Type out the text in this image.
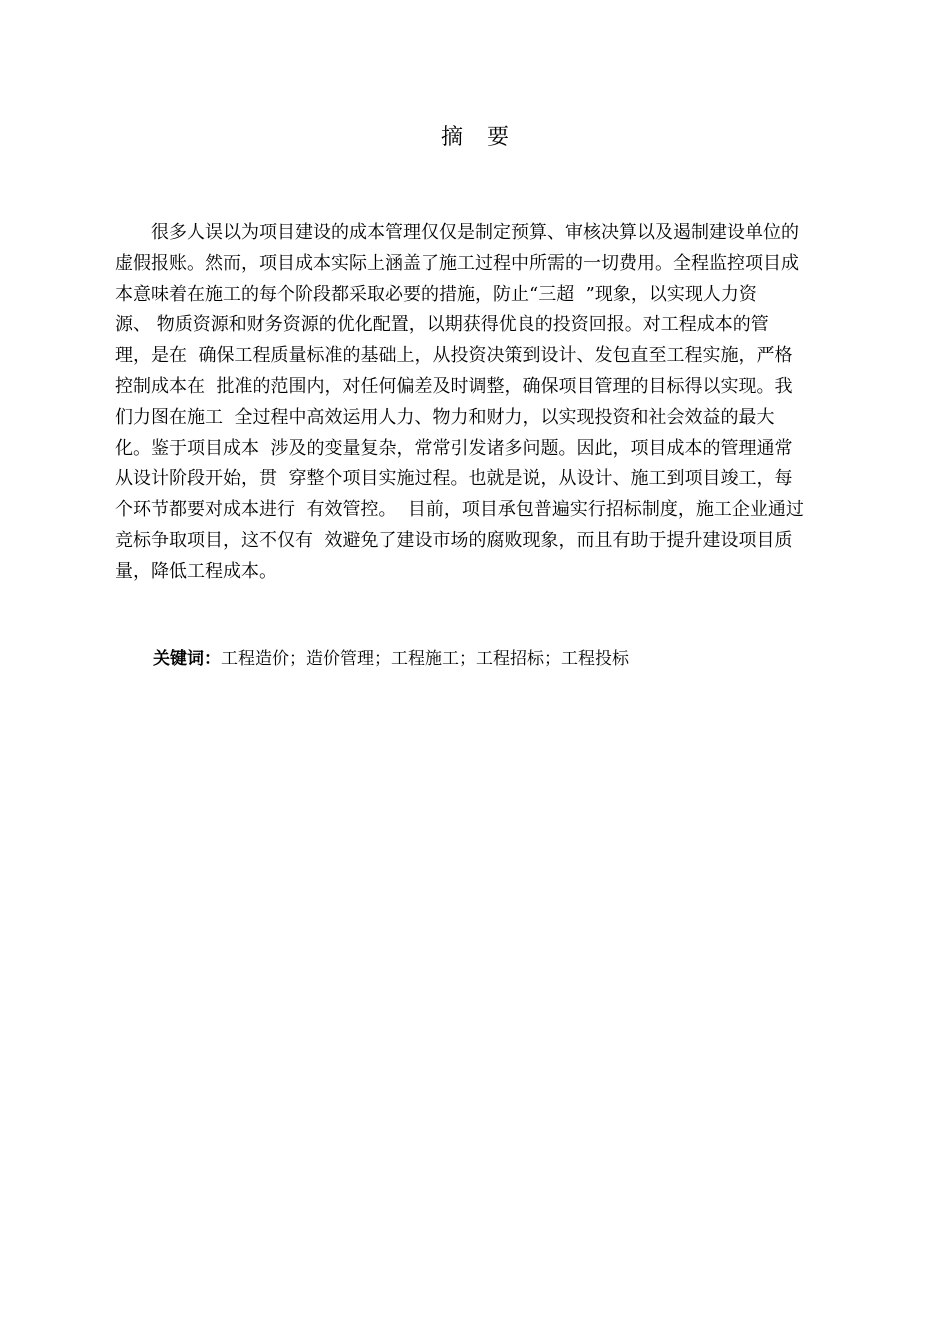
摘 要
很多人误以为项目建设的成本管理仅仅是制定预算、审核决算以及遏制建设单位的
虚假报账。然而，项目成本实际上涵盖了施工过程中所需的一切费用。全程监控项目成
本意味着在施工的每个阶段都采取必要的措施，防止“三超  ”现象，以实现人力资
源、 物质资源和财务资源的优化配置，以期获得优良的投资回报。对工程成本的管
理，是在  确保工程质量标准的基础上，从投资决策到设计、发包直至工程实施，严格
控制成本在  批准的范围内，对任何偏差及时调整，确保项目管理的目标得以实现。我
们力图在施工  全过程中高效运用人力、物力和财力，以实现投资和社会效益的最大
化。鉴于项目成本  涉及的变量复杂，常常引发诸多问题。因此，项目成本的管理通常
从设计阶段开始，贯  穿整个项目实施过程。也就是说，从设计、施工到项目竣工，每
个环节都要对成本进行  有效管控。  目前，项目承包普遍实行招标制度，施工企业通过
竞标争取项目，这不仅有  效避免了建设市场的腐败现象，而且有助于提升建设项目质
量，降低工程成本。
关键词：工程造价；造价管理；工程施工；工程招标；工程投标
